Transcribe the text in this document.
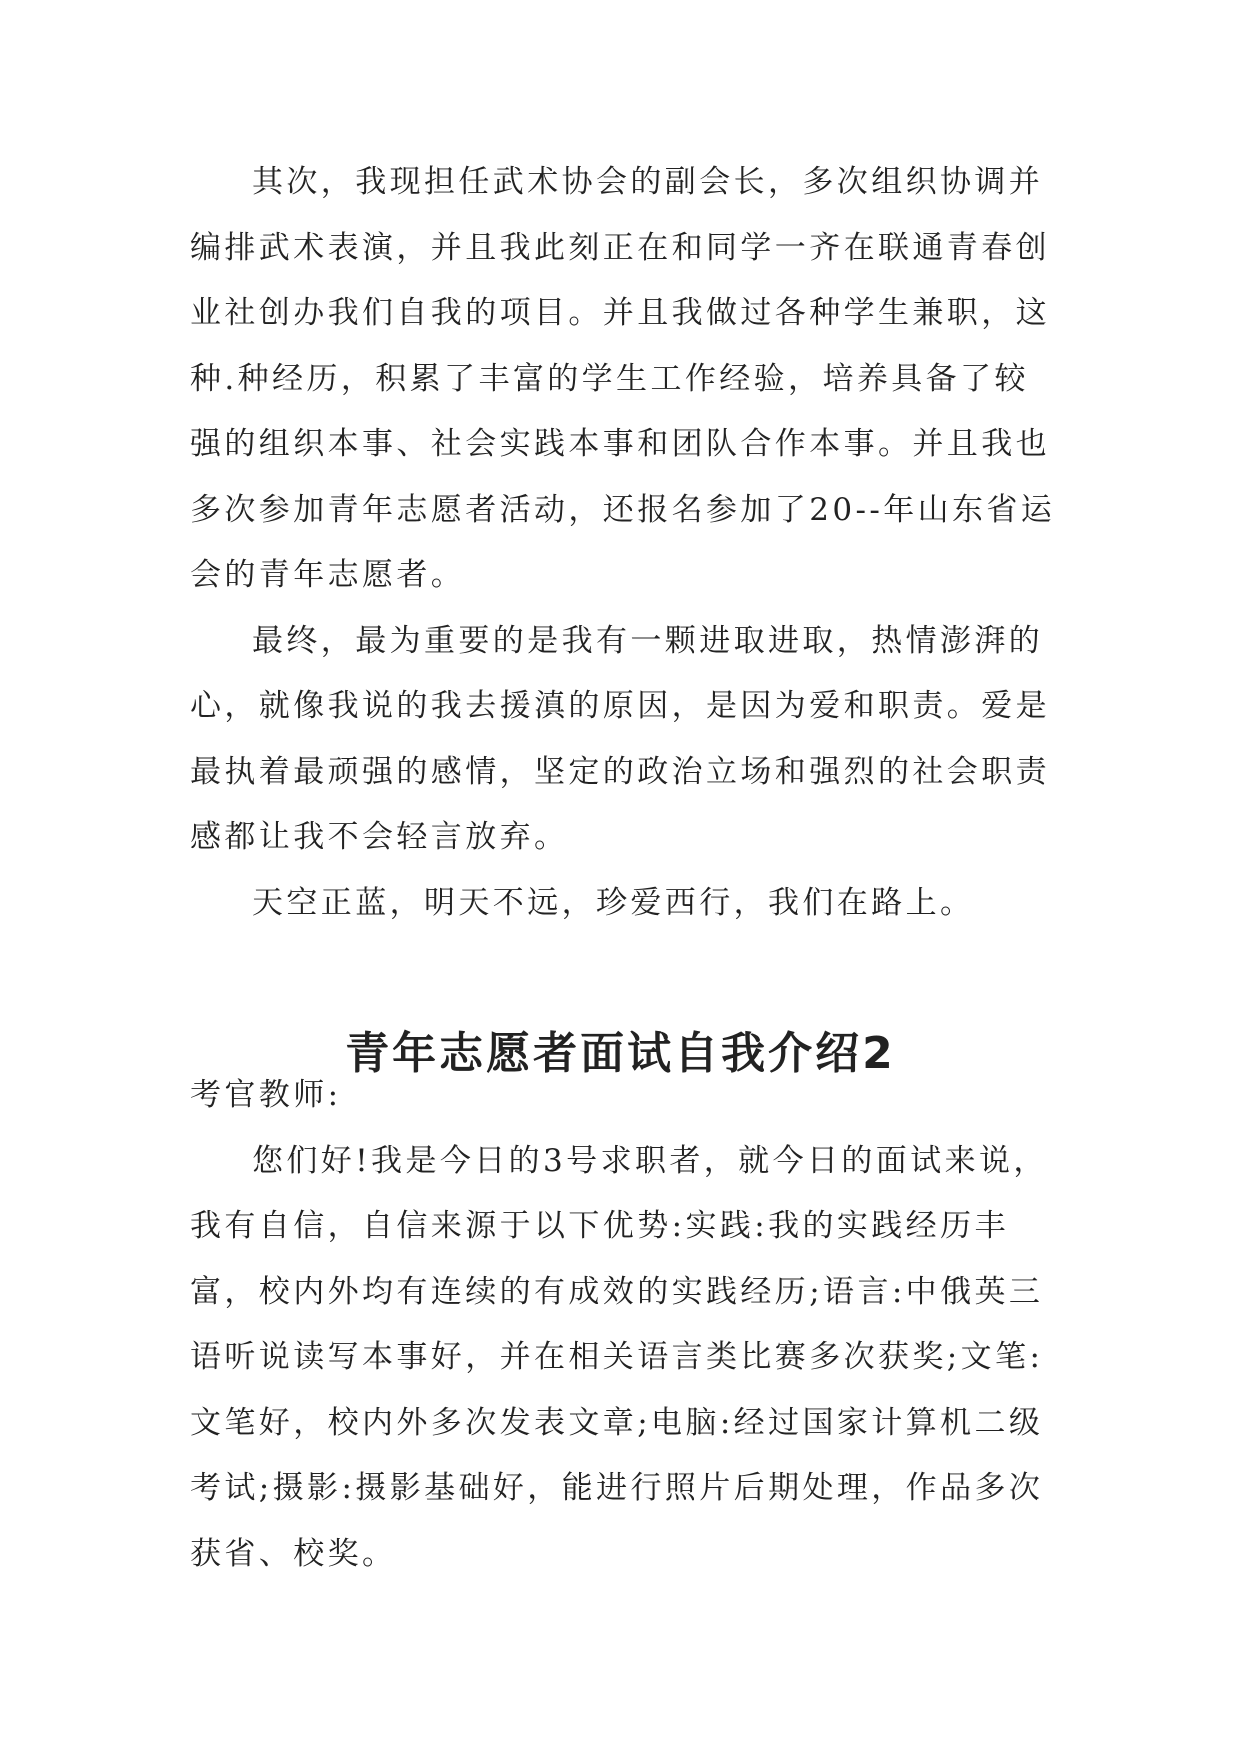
其次，我现担任武术协会的副会长，多次组织协调并编排武术表演，并且我此刻正在和同学一齐在联通青春创业社创办我们自我的项目。并且我做过各种学生兼职，这种.种经历，积累了丰富的学生工作经验，培养具备了较强的组织本事、社会实践本事和团队合作本事。并且我也多次参加青年志愿者活动，还报名参加了20--年山东省运会的青年志愿者。

最终，最为重要的是我有一颗进取进取，热情澎湃的心，就像我说的我去援滇的原因，是因为爱和职责。爱是最执着最顽强的感情，坚定的政治立场和强烈的社会职责感都让我不会轻言放弃。

天空正蓝，明天不远，珍爱西行，我们在路上。

青年志愿者面试自我介绍2

考官教师:

您们好!我是今日的3号求职者，就今日的面试来说，我有自信，自信来源于以下优势:实践:我的实践经历丰富，校内外均有连续的有成效的实践经历;语言:中俄英三语听说读写本事好，并在相关语言类比赛多次获奖;文笔:文笔好，校内外多次发表文章;电脑:经过国家计算机二级考试;摄影:摄影基础好，能进行照片后期处理，作品多次获省、校奖。
